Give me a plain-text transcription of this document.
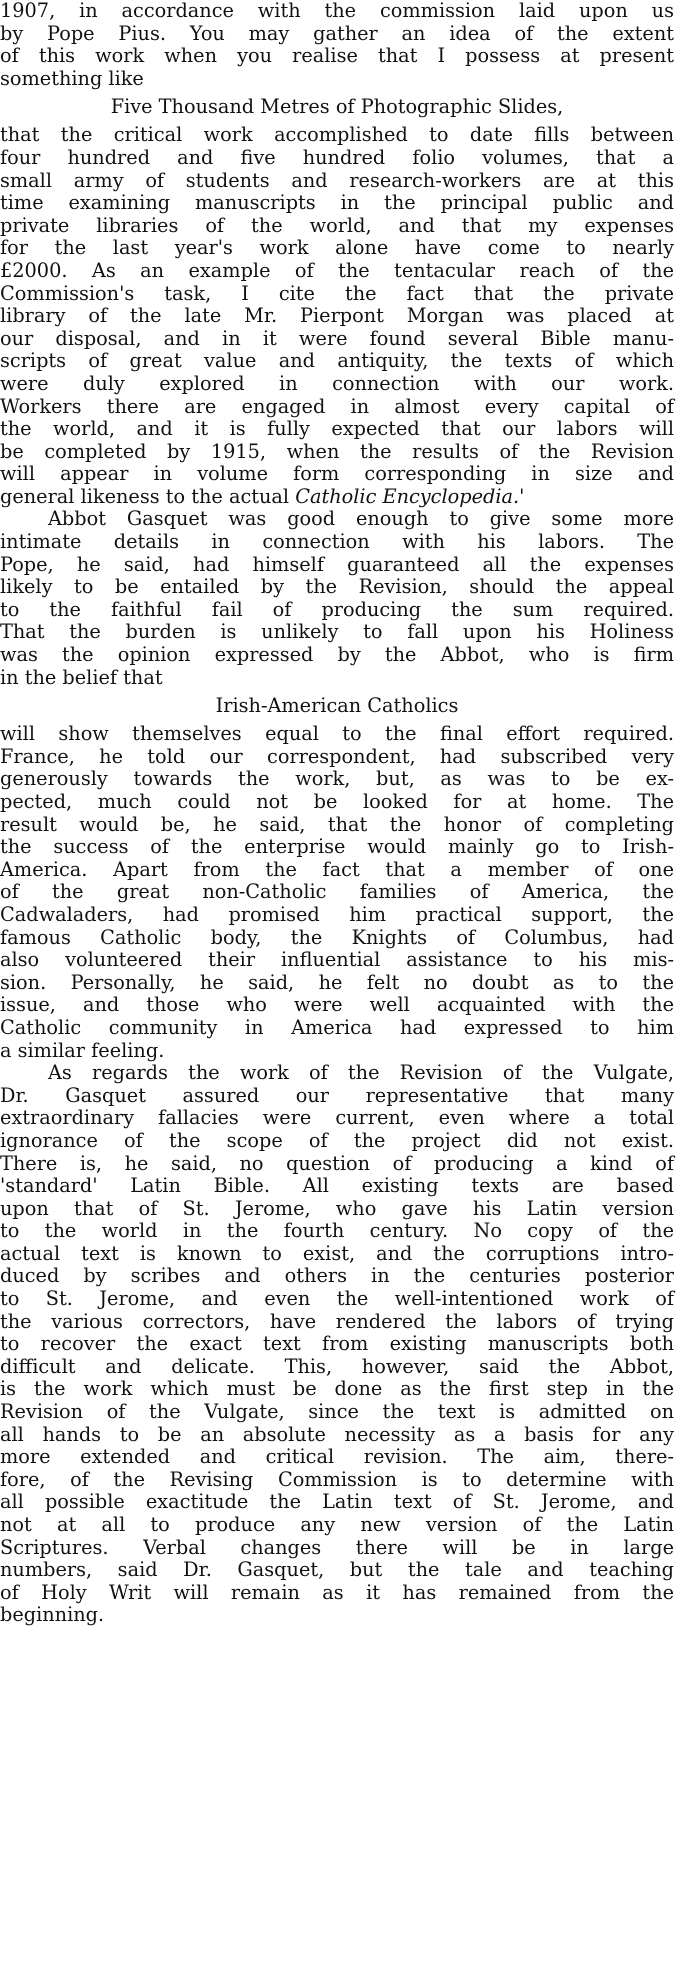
1907, in accordance with the commission laid upon us
by Pope Pius. You may gather an idea of the extent
of this work when you realise that I possess at present
something like
Five Thousand Metres of Photographic Slides,
that the critical work accomplished to date fills between
four hundred and five hundred folio volumes, that a
small army of students and research-workers are at this
time examining manuscripts in the principal public and
private libraries of the world, and that my expenses
for the last year's work alone have come to nearly
£2000. As an example of the tentacular reach of the
Commission's task, I cite the fact that the private
library of the late Mr. Pierpont Morgan was placed at
our disposal, and in it were found several Bible manu-
scripts of great value and antiquity, the texts of which
were duly explored in connection with our work.
Workers there are engaged in almost every capital of
the world, and it is fully expected that our labors will
be completed by 1915, when the results of the Revision
will appear in volume form corresponding in size and
general likeness to the actual Catholic Encyclopedia.'
Abbot Gasquet was good enough to give some more
intimate details in connection with his labors. The
Pope, he said, had himself guaranteed all the expenses
likely to be entailed by the Revision, should the appeal
to the faithful fail of producing the sum required.
That the burden is unlikely to fall upon his Holiness
was the opinion expressed by the Abbot, who is firm
in the belief that
Irish-American Catholics
will show themselves equal to the final effort required.
France, he told our correspondent, had subscribed very
generously towards the work, but, as was to be ex-
pected, much could not be looked for at home. The
result would be, he said, that the honor of completing
the success of the enterprise would mainly go to Irish-
America. Apart from the fact that a member of one
of the great non-Catholic families of America, the
Cadwaladers, had promised him practical support, the
famous Catholic body, the Knights of Columbus, had
also volunteered their influential assistance to his mis-
sion. Personally, he said, he felt no doubt as to the
issue, and those who were well acquainted with the
Catholic community in America had expressed to him
a similar feeling.
As regards the work of the Revision of the Vulgate,
Dr. Gasquet assured our representative that many
extraordinary fallacies were current, even where a total
ignorance of the scope of the project did not exist.
There is, he said, no question of producing a kind of
'standard' Latin Bible. All existing texts are based
upon that of St. Jerome, who gave his Latin version
to the world in the fourth century. No copy of the
actual text is known to exist, and the corruptions intro-
duced by scribes and others in the centuries posterior
to St. Jerome, and even the well-intentioned work of
the various correctors, have rendered the labors of trying
to recover the exact text from existing manuscripts both
difficult and delicate. This, however, said the Abbot,
is the work which must be done as the first step in the
Revision of the Vulgate, since the text is admitted on
all hands to be an absolute necessity as a basis for any
more extended and critical revision. The aim, there-
fore, of the Revising Commission is to determine with
all possible exactitude the Latin text of St. Jerome, and
not at all to produce any new version of the Latin
Scriptures. Verbal changes there will be in large
numbers, said Dr. Gasquet, but the tale and teaching
of Holy Writ will remain as it has remained from the
beginning.
